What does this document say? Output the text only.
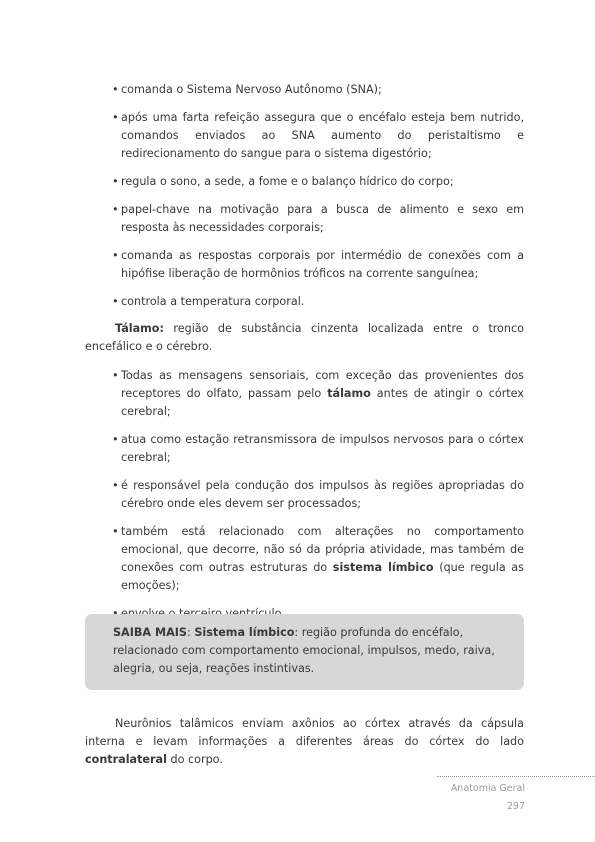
• comanda o Sistema Nervoso Autônomo (SNA);
• após uma farta refeição assegura que o encéfalo esteja bem nutrido, comandos enviados ao SNA aumento do peristaltismo e redirecionamento do sangue para o sistema digestório;
• regula o sono, a sede, a fome e o balanço hídrico do corpo;
• papel-chave na motivação para a busca de alimento e sexo em resposta às necessidades corporais;
• comanda as respostas corporais por intermédio de conexões com a hipófise liberação de hormônios tróficos na corrente sanguínea;
• controla a temperatura corporal.

Tálamo: região de substância cinzenta localizada entre o tronco encefálico e o cérebro.

• Todas as mensagens sensoriais, com exceção das provenientes dos receptores do olfato, passam pelo tálamo antes de atingir o córtex cerebral;
• atua como estação retransmissora de impulsos nervosos para o córtex cerebral;
• é responsável pela condução dos impulsos às regiões apropriadas do cérebro onde eles devem ser processados;
• também está relacionado com alterações no comportamento emocional, que decorre, não só da própria atividade, mas também de conexões com outras estruturas do sistema límbico (que regula as emoções);

SAIBA MAIS: Sistema límbico: região profunda do encéfalo, relacionado com comportamento emocional, impulsos, medo, raiva, alegria, ou seja, reações instintivas.

Neurônios talâmicos enviam axônios ao córtex através da cápsula interna e levam informações a diferentes áreas do córtex do lado contralateral do corpo.

Anatomia Geral 297
